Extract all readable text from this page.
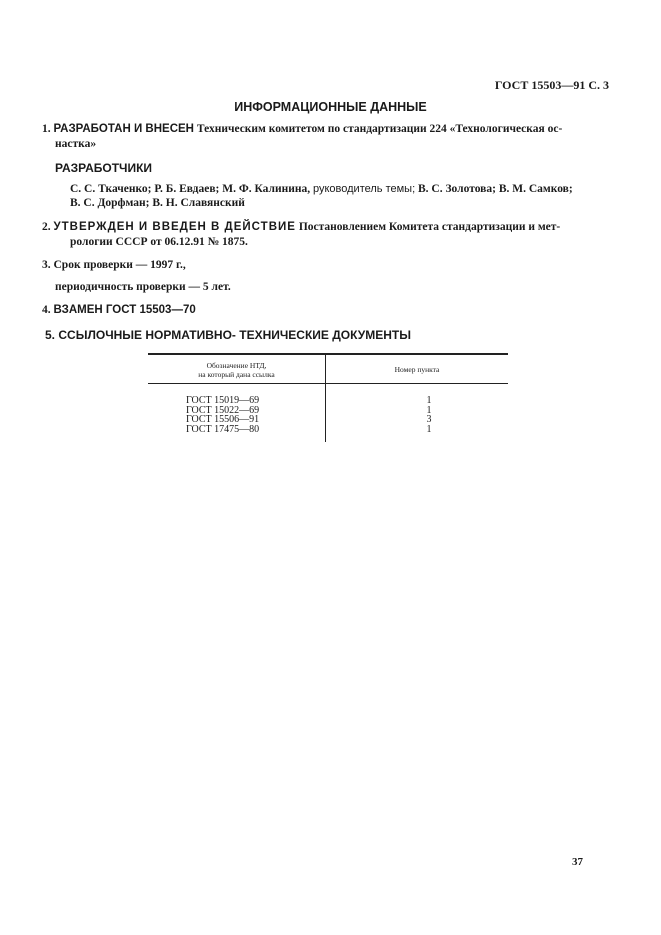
ГОСТ 15503—91 С. 3
ИНФОРМАЦИОННЫЕ ДАННЫЕ
1. РАЗРАБОТАН И ВНЕСЕН Техническим комитетом по стандартизации 224 «Технологическая ос-
настка»
РАЗРАБОТЧИКИ
С. С. Ткаченко; Р. Б. Евдаев; М. Ф. Калинина, руководитель темы; В. С. Золотова; В. М. Самков;
В. С. Дорфман; В. Н. Славянский
2. УТВЕРЖДЕН И ВВЕДЕН В ДЕЙСТВИЕ Постановлением Комитета стандартизации и мет-
рологии СССР от 06.12.91 № 1875.
3. Срок проверки — 1997 г.,
периодичность проверки — 5 лет.
4. ВЗАМЕН ГОСТ 15503—70
5. ССЫЛОЧНЫЕ НОРМАТИВНО- ТЕХНИЧЕСКИЕ ДОКУМЕНТЫ
Обозначение НТД,
на который дана ссылка
Номер пункта
ГОСТ 15019—69
ГОСТ 15022—69
ГОСТ 15506—91
ГОСТ 17475—80
1
1
3
1
37
